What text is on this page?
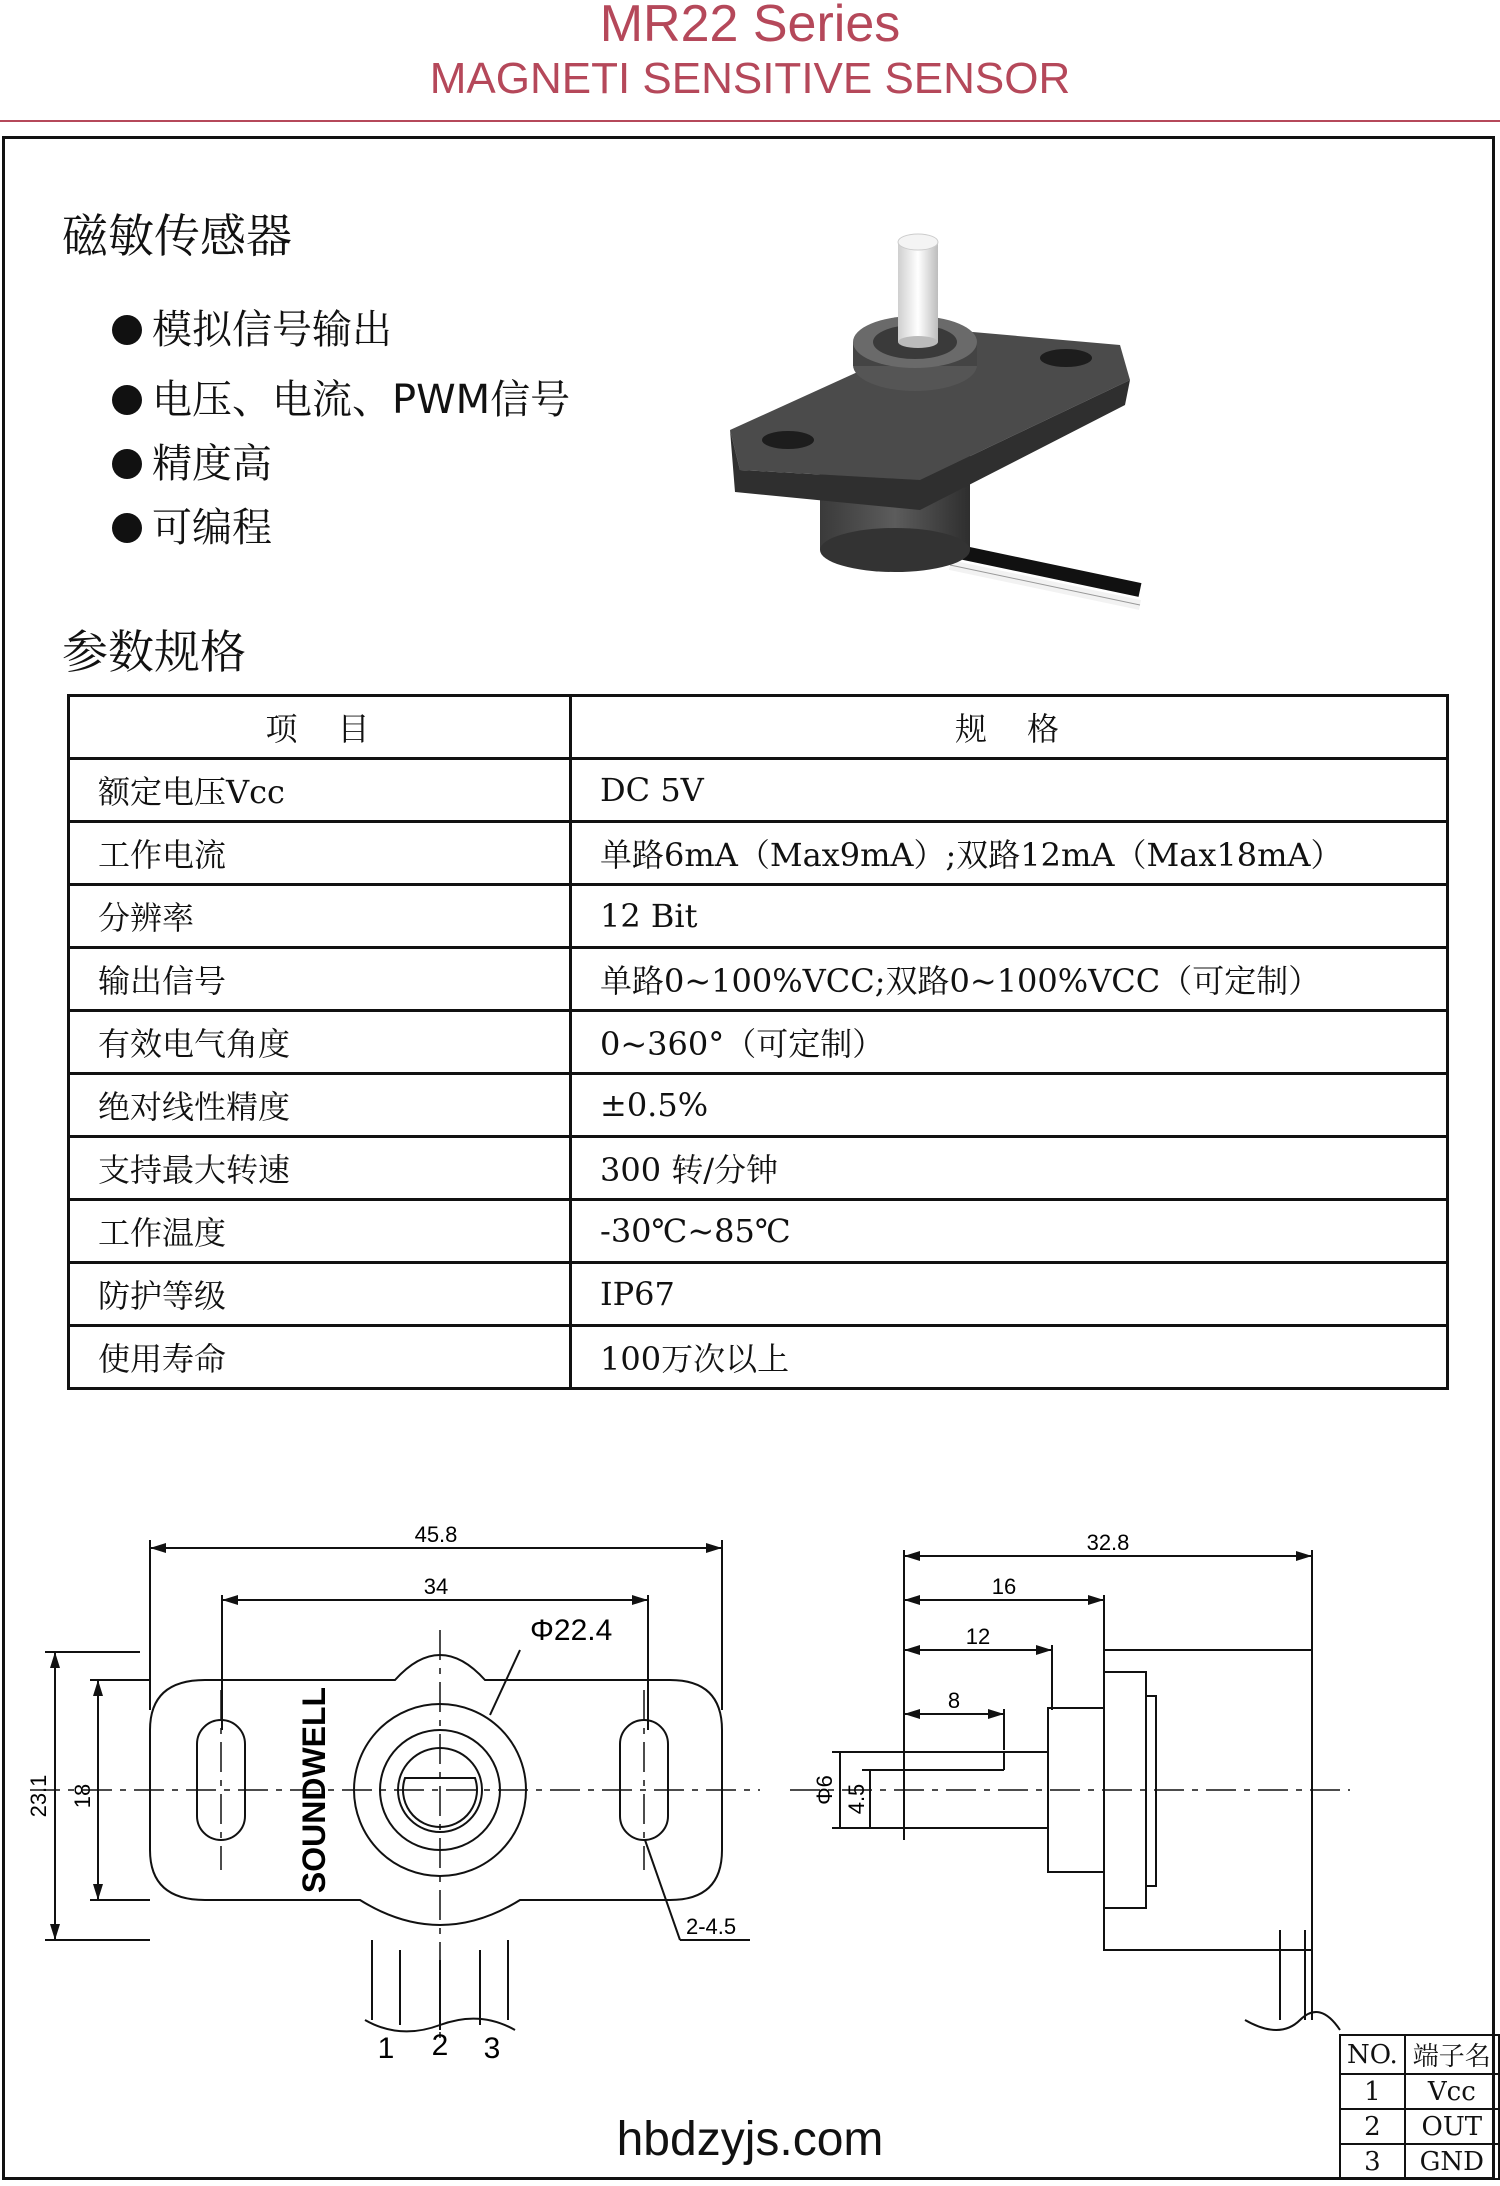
MR22 Series
MAGNETI SENSITIVE SENSOR
磁敏传感器
模拟信号输出
电压、电流、PWM信号
精度高
可编程
参数规格
项　目	规　格
额定电压Vcc	DC 5V
工作电流	单路6mA（Max9mA）;双路12mA（Max18mA）
分辨率	12 Bit
输出信号	单路0~100%VCC;双路0~100%VCC（可定制）
有效电气角度	0~360°（可定制）
绝对线性精度	±0.5%
支持最大转速	300 转/分钟
工作温度	-30℃~85℃
防护等级	IP67
使用寿命	100万次以上
45.8
34
Φ22.4
23.1 18
2-4.5
SOUNDWELL
1 2 3
32.8
16
12
8
Φ6 4.5
NO.	端子名
1	Vcc
2	OUT
3	GND
hbdzyjs.com
